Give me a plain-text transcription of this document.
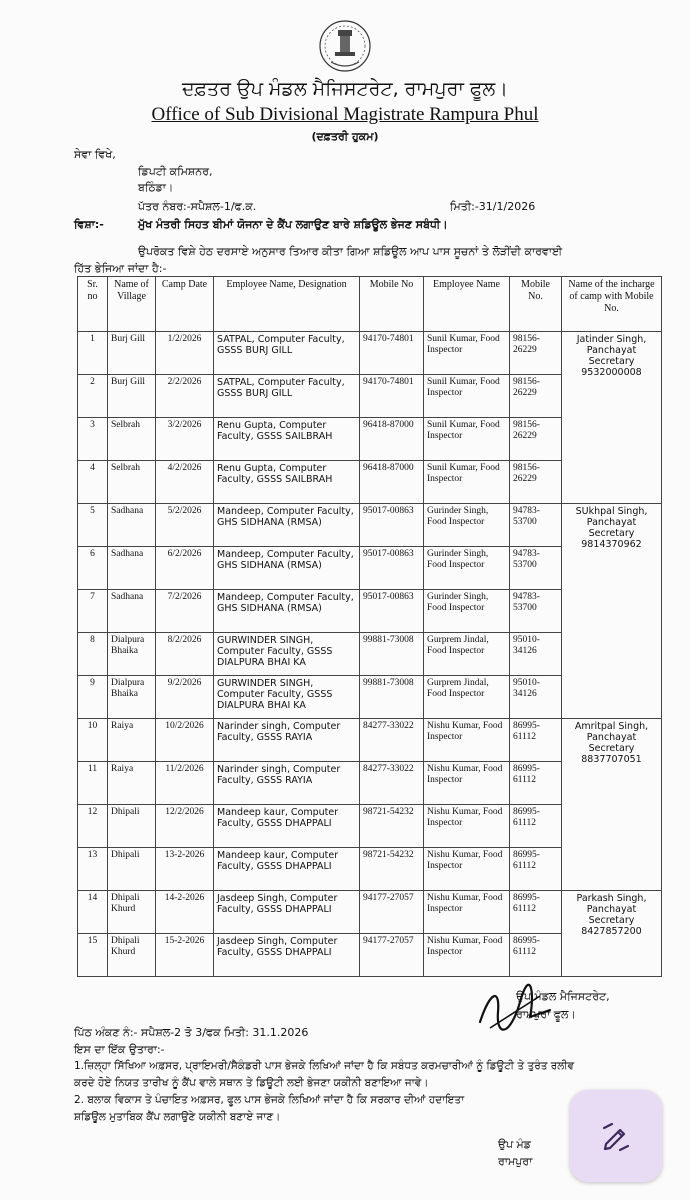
ਦਫ਼ਤਰ ਉਪ ਮੰਡਲ ਮੈਜਿਸਟਰੇਟ, ਰਾਮਪੁਰਾ ਫੂਲ।
Office of Sub Divisional Magistrate Rampura Phul
(ਦਫ਼ਤਰੀ ਹੁਕਮ)
ਸੇਵਾ ਵਿਖੇ,
ਡਿਪਟੀ ਕਮਿਸ਼ਨਰ,
ਬਠਿੰਡਾ।
ਪੱਤਰ ਨੰਬਰ:-ਸਪੈਸ਼ਲ-1/ਫ.ਕ.	ਮਿਤੀ:-31/1/2026
ਵਿਸ਼ਾ:-	ਮੁੱਖ ਮੰਤਰੀ ਸਿਹਤ ਬੀਮਾਂ ਯੋਜਨਾ ਦੇ ਕੈਂਪ ਲਗਾਉਣ ਬਾਰੇ ਸ਼ਡਿਊਲ ਭੇਜਣ ਸਬੰਧੀ।
ਉਪਰੋਕਤ ਵਿਸ਼ੇ ਹੇਠ ਦਰਸਾਏ ਅਨੁਸਾਰ ਤਿਆਰ ਕੀਤਾ ਗਿਆ ਸ਼ਡਿਊਲ ਆਪ ਪਾਸ ਸੂਚਨਾਂ ਤੇ ਲੋੜੀਂਦੀ ਕਾਰਵਾਈ
ਹਿੱਤ ਭੇਜਿਆ ਜਾਂਦਾ ਹੈ:-
Sr. no	Name of Village	Camp Date	Employee Name, Designation	Mobile No	Employee Name	Mobile No.	Name of the incharge of camp with Mobile No.
1	Burj Gill	1/2/2026	SATPAL, Computer Faculty, GSSS BURJ GILL	94170-74801	Sunil Kumar, Food Inspector	98156-26229	Jatinder Singh, Panchayat Secretary 9532000008
2	Burj Gill	2/2/2026	SATPAL, Computer Faculty, GSSS BURJ GILL	94170-74801	Sunil Kumar, Food Inspector	98156-26229	
3	Selbrah	3/2/2026	Renu Gupta, Computer Faculty, GSSS SAILBRAH	96418-87000	Sunil Kumar, Food Inspector	98156-26229	
4	Selbrah	4/2/2026	Renu Gupta, Computer Faculty, GSSS SAILBRAH	96418-87000	Sunil Kumar, Food Inspector	98156-26229	
5	Sadhana	5/2/2026	Mandeep, Computer Faculty, GHS SIDHANA (RMSA)	95017-00863	Gurinder Singh, Food Inspector	94783-53700	SUkhpal Singh, Panchayat Secretary 9814370962
6	Sadhana	6/2/2026	Mandeep, Computer Faculty, GHS SIDHANA (RMSA)	95017-00863	Gurinder Singh, Food Inspector	94783-53700	
7	Sadhana	7/2/2026	Mandeep, Computer Faculty, GHS SIDHANA (RMSA)	95017-00863	Gurinder Singh, Food Inspector	94783-53700	
8	Dialpura Bhaika	8/2/2026	GURWINDER SINGH, Computer Faculty, GSSS DIALPURA BHAI KA	99881-73008	Gurprem Jindal, Food Inspector	95010-34126	
9	Dialpura Bhaika	9/2/2026	GURWINDER SINGH, Computer Faculty, GSSS DIALPURA BHAI KA	99881-73008	Gurprem Jindal, Food Inspector	95010-34126	
10	Raiya	10/2/2026	Narinder singh, Computer Faculty, GSSS RAYIA	84277-33022	Nishu Kumar, Food Inspector	86995-61112	Amritpal Singh, Panchayat Secretary 8837707051
11	Raiya	11/2/2026	Narinder singh, Computer Faculty, GSSS RAYIA	84277-33022	Nishu Kumar, Food Inspector	86995-61112	
12	Dhipali	12/2/2026	Mandeep kaur, Computer Faculty, GSSS DHAPPALI	98721-54232	Nishu Kumar, Food Inspector	86995-61112	
13	Dhipali	13-2-2026	Mandeep kaur, Computer Faculty, GSSS DHAPPALI	98721-54232	Nishu Kumar, Food Inspector	86995-61112	
14	Dhipali Khurd	14-2-2026	Jasdeep Singh, Computer Faculty, GSSS DHAPPALI	94177-27057	Nishu Kumar, Food Inspector	86995-61112	Parkash Singh, Panchayat Secretary 8427857200
15	Dhipali Khurd	15-2-2026	Jasdeep Singh, Computer Faculty, GSSS DHAPPALI	94177-27057	Nishu Kumar, Food Inspector	86995-61112	
ਉਪ ਮੰਡਲ ਮੈਜਿਸਟਰੇਟ,
ਰਾਮਪੁਰਾ ਫੂਲ।
ਪਿੱਠ ਅੰਕਣ ਨੰ:- ਸਪੈਸ਼ਲ-2 ਤੋ 3/ਫਕ ਮਿਤੀ: 31.1.2026
ਇਸ ਦਾ ਇੱਕ ਉਤਾਰਾ:-
1.ਜ਼ਿਲ੍ਹਾ ਸਿੱਖਿਆ ਅਫ਼ਸਰ, ਪ੍ਰਾਇਮਰੀ/ਸੈਕੰਡਰੀ ਪਾਸ ਭੇਜਕੇ ਲਿਖਿਆਂ ਜਾਂਦਾ ਹੈ ਕਿ ਸਬੰਧਤ ਕਰਮਚਾਰੀਆਂ ਨੂੰ ਡਿਊਟੀ ਤੇ ਤੁਰੰਤ ਰਲੀਵ
ਕਰਦੇ ਹੋਏ ਨਿਯਤ ਤਾਰੀਖ ਨੂੰ ਕੈਂਪ ਵਾਲੇ ਸਥਾਨ ਤੇ ਡਿਊਟੀ ਲਈ ਭੇਜਣਾ ਯਕੀਨੀ ਬਣਾਇਆ ਜਾਵੇ।
2. ਬਲਾਕ ਵਿਕਾਸ ਤੇ ਪੰਚਾਇਤ ਅਫ਼ਸਰ, ਫੂਲ ਪਾਸ ਭੇਜਕੇ ਲਿਖਿਆਂ ਜਾਂਦਾ ਹੈ ਕਿ ਸਰਕਾਰ ਦੀਆਂ ਹਦਾਇਤਾ
ਸ਼ਡਿਊਲ ਮੁਤਾਬਿਕ ਕੈਂਪ ਲਗਾਉਣੇ ਯਕੀਨੀ ਬਣਾਏ ਜਾਣ।
ਉਪ ਮੰਡ
ਰਾਮਪੁਰਾ
